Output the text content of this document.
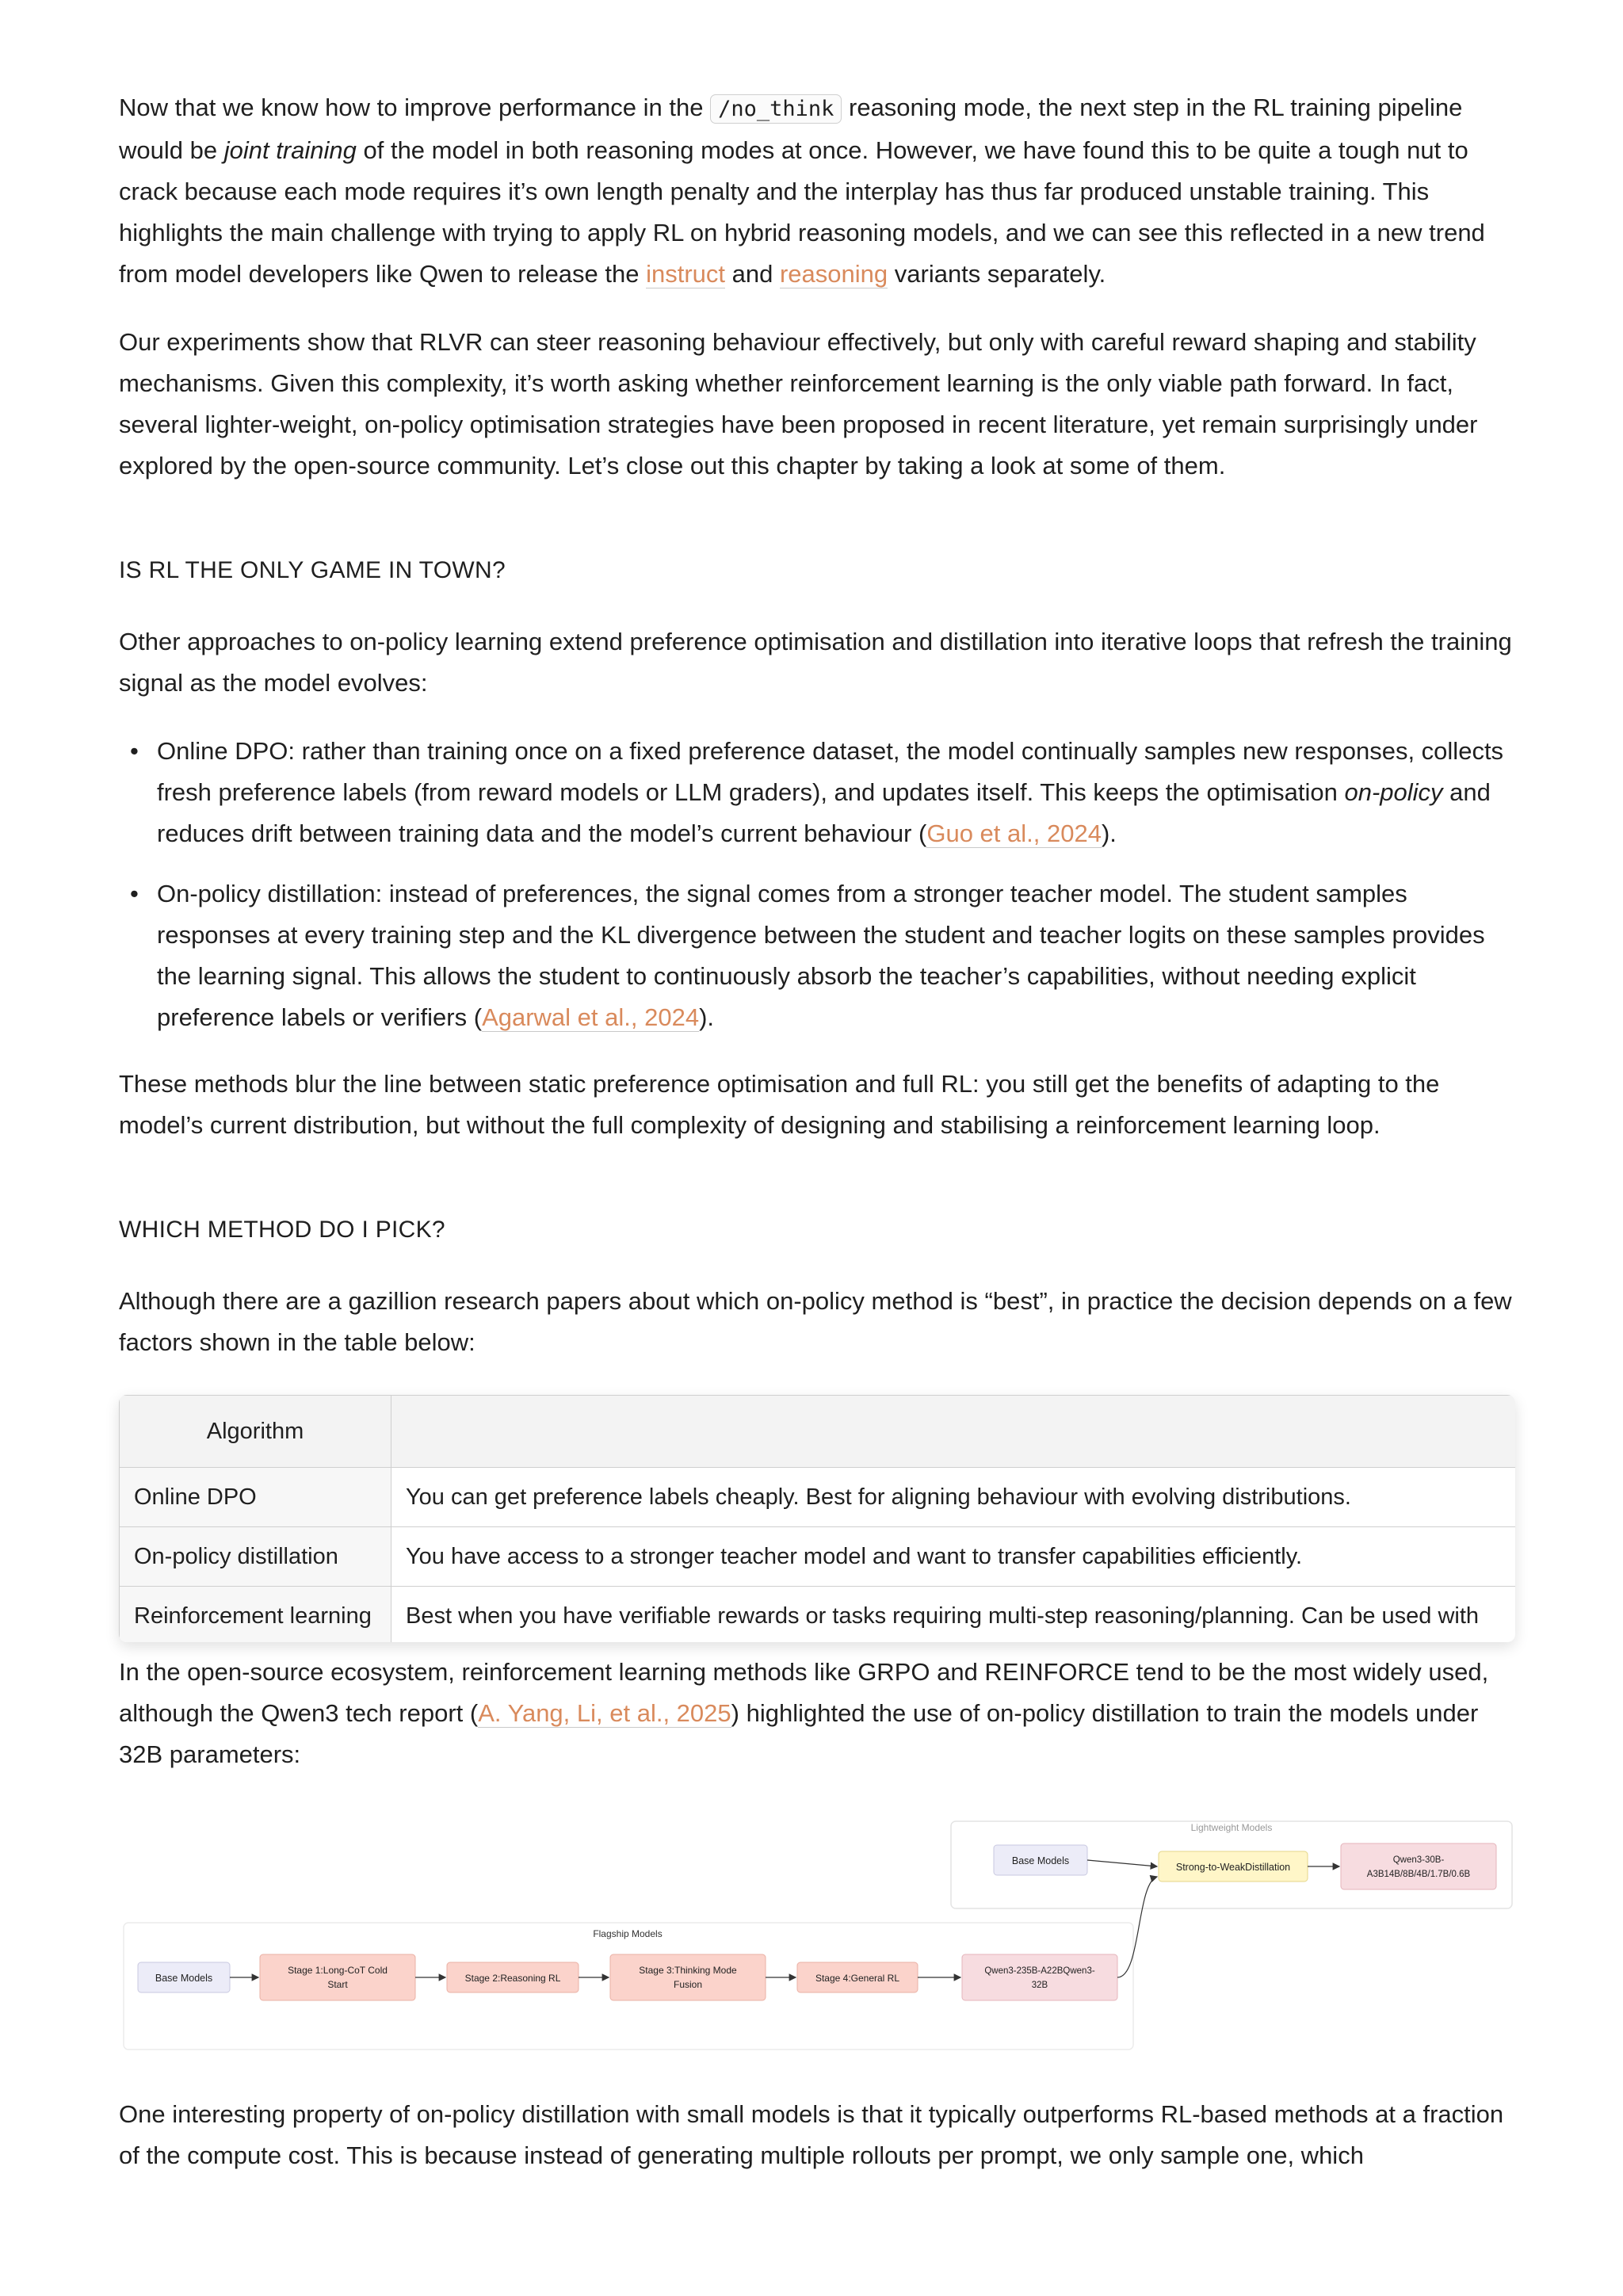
Now that we know how to improve performance in the /no_think reasoning mode, the next step in the RL training pipeline would be joint training of the model in both reasoning modes at once. However, we have found this to be quite a tough nut to crack because each mode requires it’s own length penalty and the interplay has thus far produced unstable training. This highlights the main challenge with trying to apply RL on hybrid reasoning models, and we can see this reflected in a new trend from model developers like Qwen to release the instruct and reasoning variants separately.

Our experiments show that RLVR can steer reasoning behaviour effectively, but only with careful reward shaping and stability mechanisms. Given this complexity, it’s worth asking whether reinforcement learning is the only viable path forward. In fact, several lighter-weight, on-policy optimisation strategies have been proposed in recent literature, yet remain surprisingly under explored by the open-source community. Let’s close out this chapter by taking a look at some of them.

IS RL THE ONLY GAME IN TOWN?

Other approaches to on-policy learning extend preference optimisation and distillation into iterative loops that refresh the training signal as the model evolves:

• Online DPO: rather than training once on a fixed preference dataset, the model continually samples new responses, collects fresh preference labels (from reward models or LLM graders), and updates itself. This keeps the optimisation on-policy and reduces drift between training data and the model’s current behaviour (Guo et al., 2024).
• On-policy distillation: instead of preferences, the signal comes from a stronger teacher model. The student samples responses at every training step and the KL divergence between the student and teacher logits on these samples provides the learning signal. This allows the student to continuously absorb the teacher’s capabilities, without needing explicit preference labels or verifiers (Agarwal et al., 2024).

These methods blur the line between static preference optimisation and full RL: you still get the benefits of adapting to the model’s current distribution, but without the full complexity of designing and stabilising a reinforcement learning loop.

WHICH METHOD DO I PICK?

Although there are a gazillion research papers about which on-policy method is “best”, in practice the decision depends on a few factors shown in the table below:

Algorithm	
Online DPO	You can get preference labels cheaply. Best for aligning behaviour with evolving distributions.
On-policy distillation	You have access to a stronger teacher model and want to transfer capabilities efficiently.
Reinforcement learning	Best when you have verifiable rewards or tasks requiring multi-step reasoning/planning. Can be used with

In the open-source ecosystem, reinforcement learning methods like GRPO and REINFORCE tend to be the most widely used, although the Qwen3 tech report (A. Yang, Li, et al., 2025) highlighted the use of on-policy distillation to train the models under 32B parameters:

Lightweight Models
Base Models
Strong-to-WeakDistillation
Qwen3-30B-
A3B14B/8B/4B/1.7B/0.6B
Flagship Models
Base Models
Stage 1:Long-CoT Cold
Start
Stage 2:Reasoning RL
Stage 3:Thinking Mode
Fusion
Stage 4:General RL
Qwen3-235B-A22BQwen3-
32B

One interesting property of on-policy distillation with small models is that it typically outperforms RL-based methods at a fraction of the compute cost. This is because instead of generating multiple rollouts per prompt, we only sample one, which
